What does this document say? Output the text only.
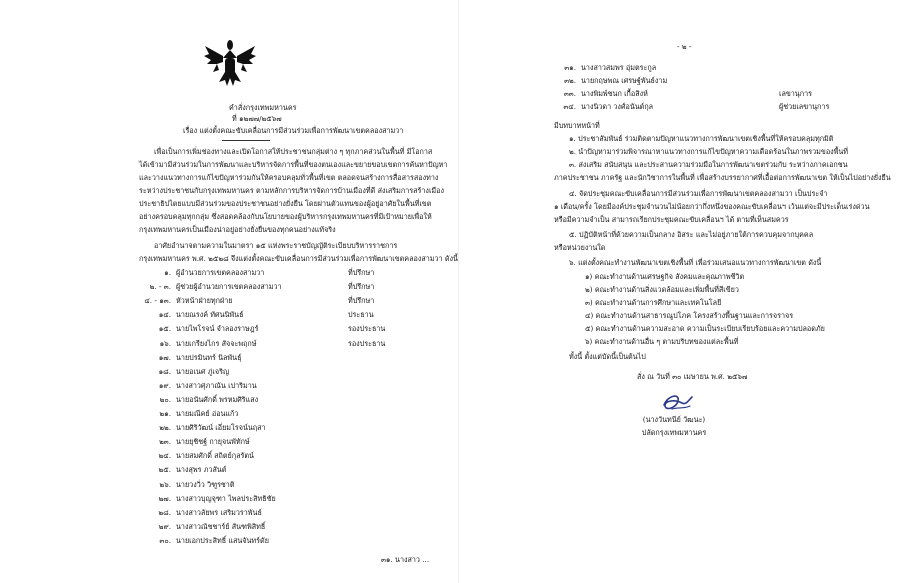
คำสั่งกรุงเทพมหานคร
ที่ ๑๒๗๗/๒๕๖๗
เรื่อง แต่งตั้งคณะขับเคลื่อนการมีส่วนร่วมเพื่อการพัฒนาเขตคลองสามวา
เพื่อเป็นการเพิ่มช่องทางและเปิดโอกาสให้ประชาชนกลุ่มต่าง ๆ ทุกภาคส่วนในพื้นที่ มีโอกาส
ได้เข้ามามีส่วนร่วมในการพัฒนาและบริหารจัดการพื้นที่ของตนเองและขยายขอบเขตการค้นหาปัญหา
และวางแนวทางการแก้ไขปัญหาร่วมกันให้ครอบคลุมทั่วพื้นที่เขต ตลอดจนสร้างการสื่อสารสองทาง
ระหว่างประชาชนกับกรุงเทพมหานคร ตามหลักการบริหารจัดการบ้านเมืองที่ดี ส่งเสริมการสร้างเมือง
ประชาธิปไตยแบบมีส่วนร่วมของประชาชนอย่างยั่งยืน โดยผ่านตัวแทนของผู้อยู่อาศัยในพื้นที่เขต
อย่างครอบคลุมทุกกลุ่ม ซึ่งสอดคล้องกับนโยบายของผู้บริหารกรุงเทพมหานครที่มีเป้าหมายเพื่อให้
กรุงเทพมหานครเป็นเมืองน่าอยู่อย่างยั่งยืนของทุกคนอย่างแท้จริง
อาศัยอำนาจตามความในมาตรา ๑๕ แห่งพระราชบัญญัติระเบียบบริหารราชการ
กรุงเทพมหานคร พ.ศ. ๒๕๒๘ จึงแต่งตั้งคณะขับเคลื่อนการมีส่วนร่วมเพื่อการพัฒนาเขตคลองสามวา ดังนี้
๑. ผู้อำนวยการเขตคลองสามวา	ที่ปรึกษา
๒. - ๓. ผู้ช่วยผู้อำนวยการเขตคลองสามวา	ที่ปรึกษา
๔. - ๑๓. หัวหน้าฝ่ายทุกฝ่าย	ที่ปรึกษา
๑๔. นายณรงค์ ทัศนนิพันธ์	ประธาน
๑๕. นายไพโรจน์ จำลองราษฎร์	รองประธาน
๑๖. นายเกรียงไกร สัจจะพฤกษ์	รองประธาน
๑๗. นายปรมินทร์ นิลพันธุ์
๑๘. นายอเนศ ภู่เจริญ
๑๙. นางสาวศุภาณัน เปาริมาน
๒๐. นายอนันศักดิ์ พรหมศิริแสง
๒๑. นายมณีคย์ อ่อนแก้ว
๒๒. นายศิริวัฒน์ เอี่ยมโรจน์นฤสา
๒๓. นายยุชิชฐ์ กายุจนพัทักษ์
๒๔. นายสมศักดิ์ สถิตย์กุลรัตน์
๒๕. นางสุพร ภวสันต์
๒๖. นายวงวิ่ว วิฑูรชาติ
๒๗. นางสาวบุญจุฑา ไพลประสิทธิชัย
๒๘. นางสาวลัยพร เสริมวราพันธ์
๒๙. นางสาวณัชชาร์ย์ สันฑพิสิทธิ์
๓๐. นายเอกประสิทธิ์ แสนจันทร์ดัย
๓๑. นางสาว ...
- ๒ -
๓๑. นางสาวสมพร อุ่มตระกูล
๓๒. นายกฤษพณ เศรษฐ์พันธ์งาม
๓๓. นางพิมพ์ชนก เกื้อสิงห์	เลขานุการ
๓๔. นางนิวดา วงศ์อนันต์กุล	ผู้ช่วยเลขานุการ
มีบทบาทหน้าที่
๑. ประชาสัมพันธ์ ร่วมติดตามปัญหาแนวทางการพัฒนาเขตเชิงพื้นที่ให้ครอบคลุมทุกมิติ
๒. นำปัญหามาร่วมพิจารณาหาแนวทางการแก้ไขปัญหาความเดือดร้อนในภาพรวมของพื้นที่
๓. ส่งเสริม สนับสนุน และประสานความร่วมมือในการพัฒนาเขตร่วมกับ ระหว่างภาคเอกชน
ภาคประชาชน ภาครัฐ และนักวิชาการในพื้นที่ เพื่อสร้างบรรยากาศที่เอื้อต่อการพัฒนาเขต ให้เป็นไปอย่างยั่งยืน
๔. จัดประชุมคณะขับเคลื่อนการมีส่วนร่วมเพื่อการพัฒนาเขตคลองสามวา เป็นประจำ
๑ เดือน/ครั้ง โดยมีองค์ประชุมจำนวนไม่น้อยกว่ากึ่งหนึ่งของคณะขับเคลื่อนฯ เว้นแต่จะมีประเด็นเร่งด่วน
หรือมีความจำเป็น สามารถเรียกประชุมคณะขับเคลื่อนฯ ได้ ตามที่เห็นสมควร
๕. ปฏิบัติหน้าที่ด้วยความเป็นกลาง อิสระ และไม่อยู่ภายใต้การควบคุมจากบุคคล
หรือหน่วยงานใด
๖. แต่งตั้งคณะทำงานพัฒนาเขตเชิงพื้นที่ เพื่อร่วมเสนอแนวทางการพัฒนาเขต ดังนี้
๑) คณะทำงานด้านเศรษฐกิจ สังคมและคุณภาพชีวิต
๒) คณะทำงานด้านสิ่งแวดล้อมและเพิ่มพื้นที่สีเขียว
๓) คณะทำงานด้านการศึกษาและเทคโนโลยี
๔) คณะทำงานด้านสาธารณูปโภค โครงสร้างพื้นฐานและการจราจร
๕) คณะทำงานด้านความสะอาด ความเป็นระเบียบเรียบร้อยและความปลอดภัย
๖) คณะทำงานด้านอื่น ๆ ตามบริบทของแต่ละพื้นที่
ทั้งนี้ ตั้งแต่บัดนี้เป็นต้นไป
สั่ง ณ วันที่ ๓๐ เมษายน พ.ศ. ๒๕๖๗
(นางวันทนีย์ วัฒนะ)
ปลัดกรุงเทพมหานคร
